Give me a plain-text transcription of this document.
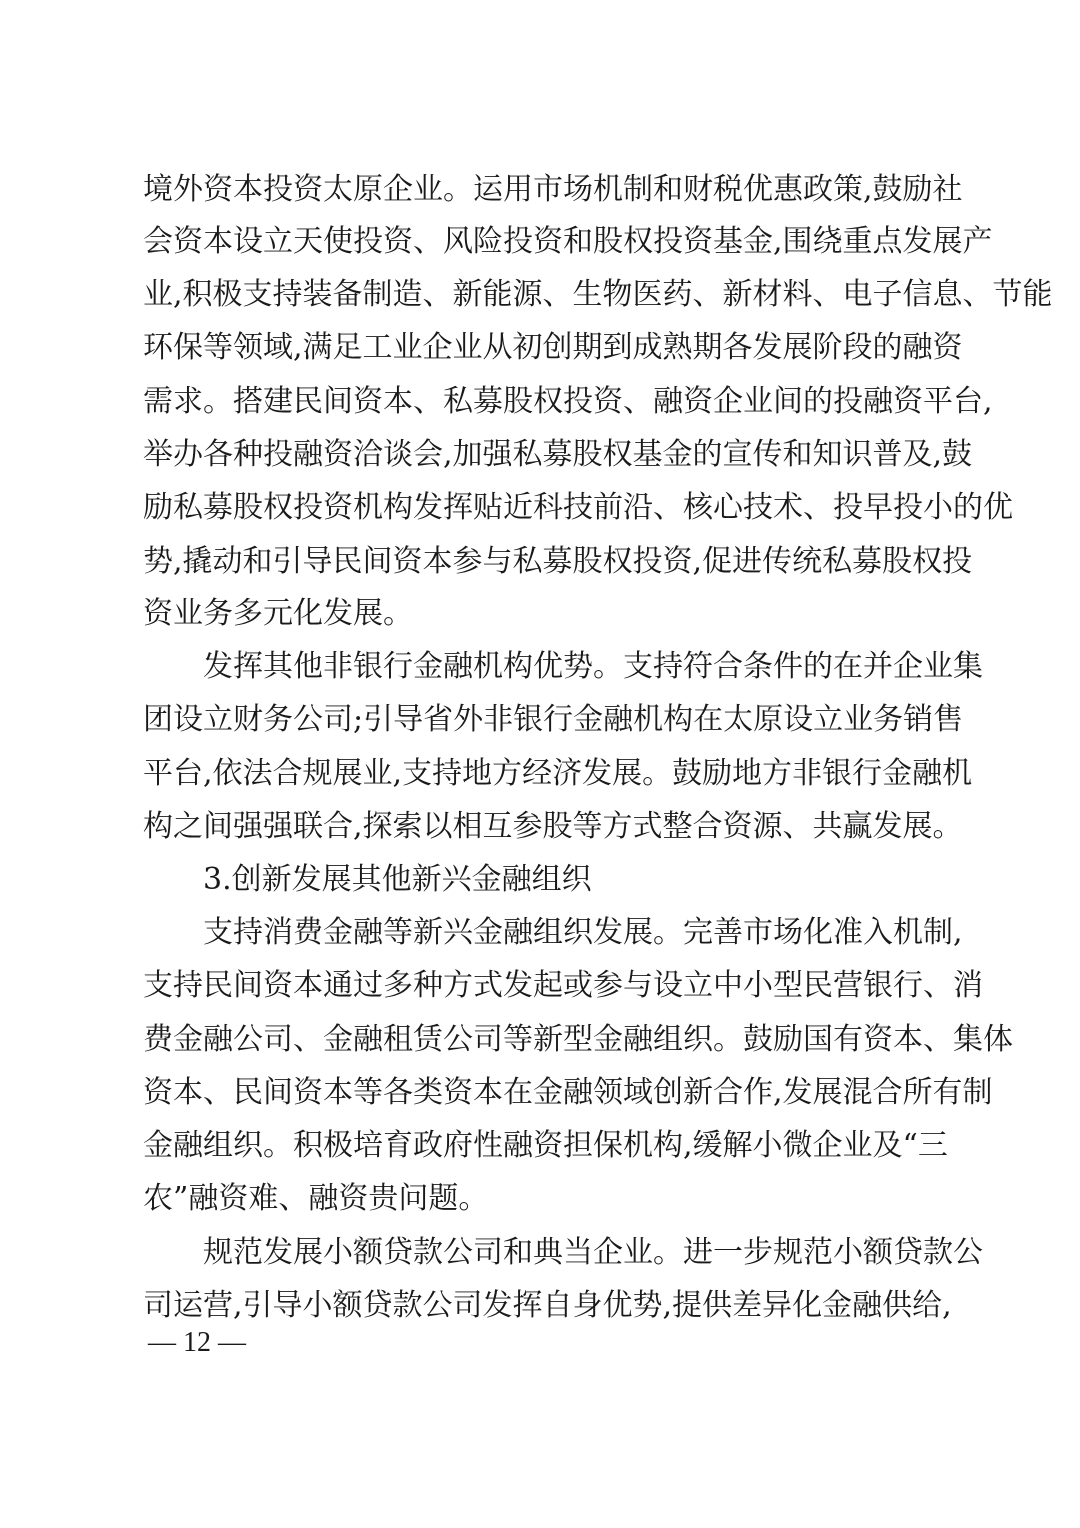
境外资本投资太原企业。运用市场机制和财税优惠政策,鼓励社
会资本设立天使投资、风险投资和股权投资基金,围绕重点发展产
业,积极支持装备制造、新能源、生物医药、新材料、电子信息、节能
环保等领域,满足工业企业从初创期到成熟期各发展阶段的融资
需求。搭建民间资本、私募股权投资、融资企业间的投融资平台,
举办各种投融资洽谈会,加强私募股权基金的宣传和知识普及,鼓
励私募股权投资机构发挥贴近科技前沿、核心技术、投早投小的优
势,撬动和引导民间资本参与私募股权投资,促进传统私募股权投
资业务多元化发展。
发挥其他非银行金融机构优势。支持符合条件的在并企业集
团设立财务公司;引导省外非银行金融机构在太原设立业务销售
平台,依法合规展业,支持地方经济发展。鼓励地方非银行金融机
构之间强强联合,探索以相互参股等方式整合资源、共赢发展。
3.创新发展其他新兴金融组织
支持消费金融等新兴金融组织发展。完善市场化准入机制,
支持民间资本通过多种方式发起或参与设立中小型民营银行、消
费金融公司、金融租赁公司等新型金融组织。鼓励国有资本、集体
资本、民间资本等各类资本在金融领域创新合作,发展混合所有制
金融组织。积极培育政府性融资担保机构,缓解小微企业及“三
农”融资难、融资贵问题。
规范发展小额贷款公司和典当企业。进一步规范小额贷款公
司运营,引导小额贷款公司发挥自身优势,提供差异化金融供给,
— 12 —
